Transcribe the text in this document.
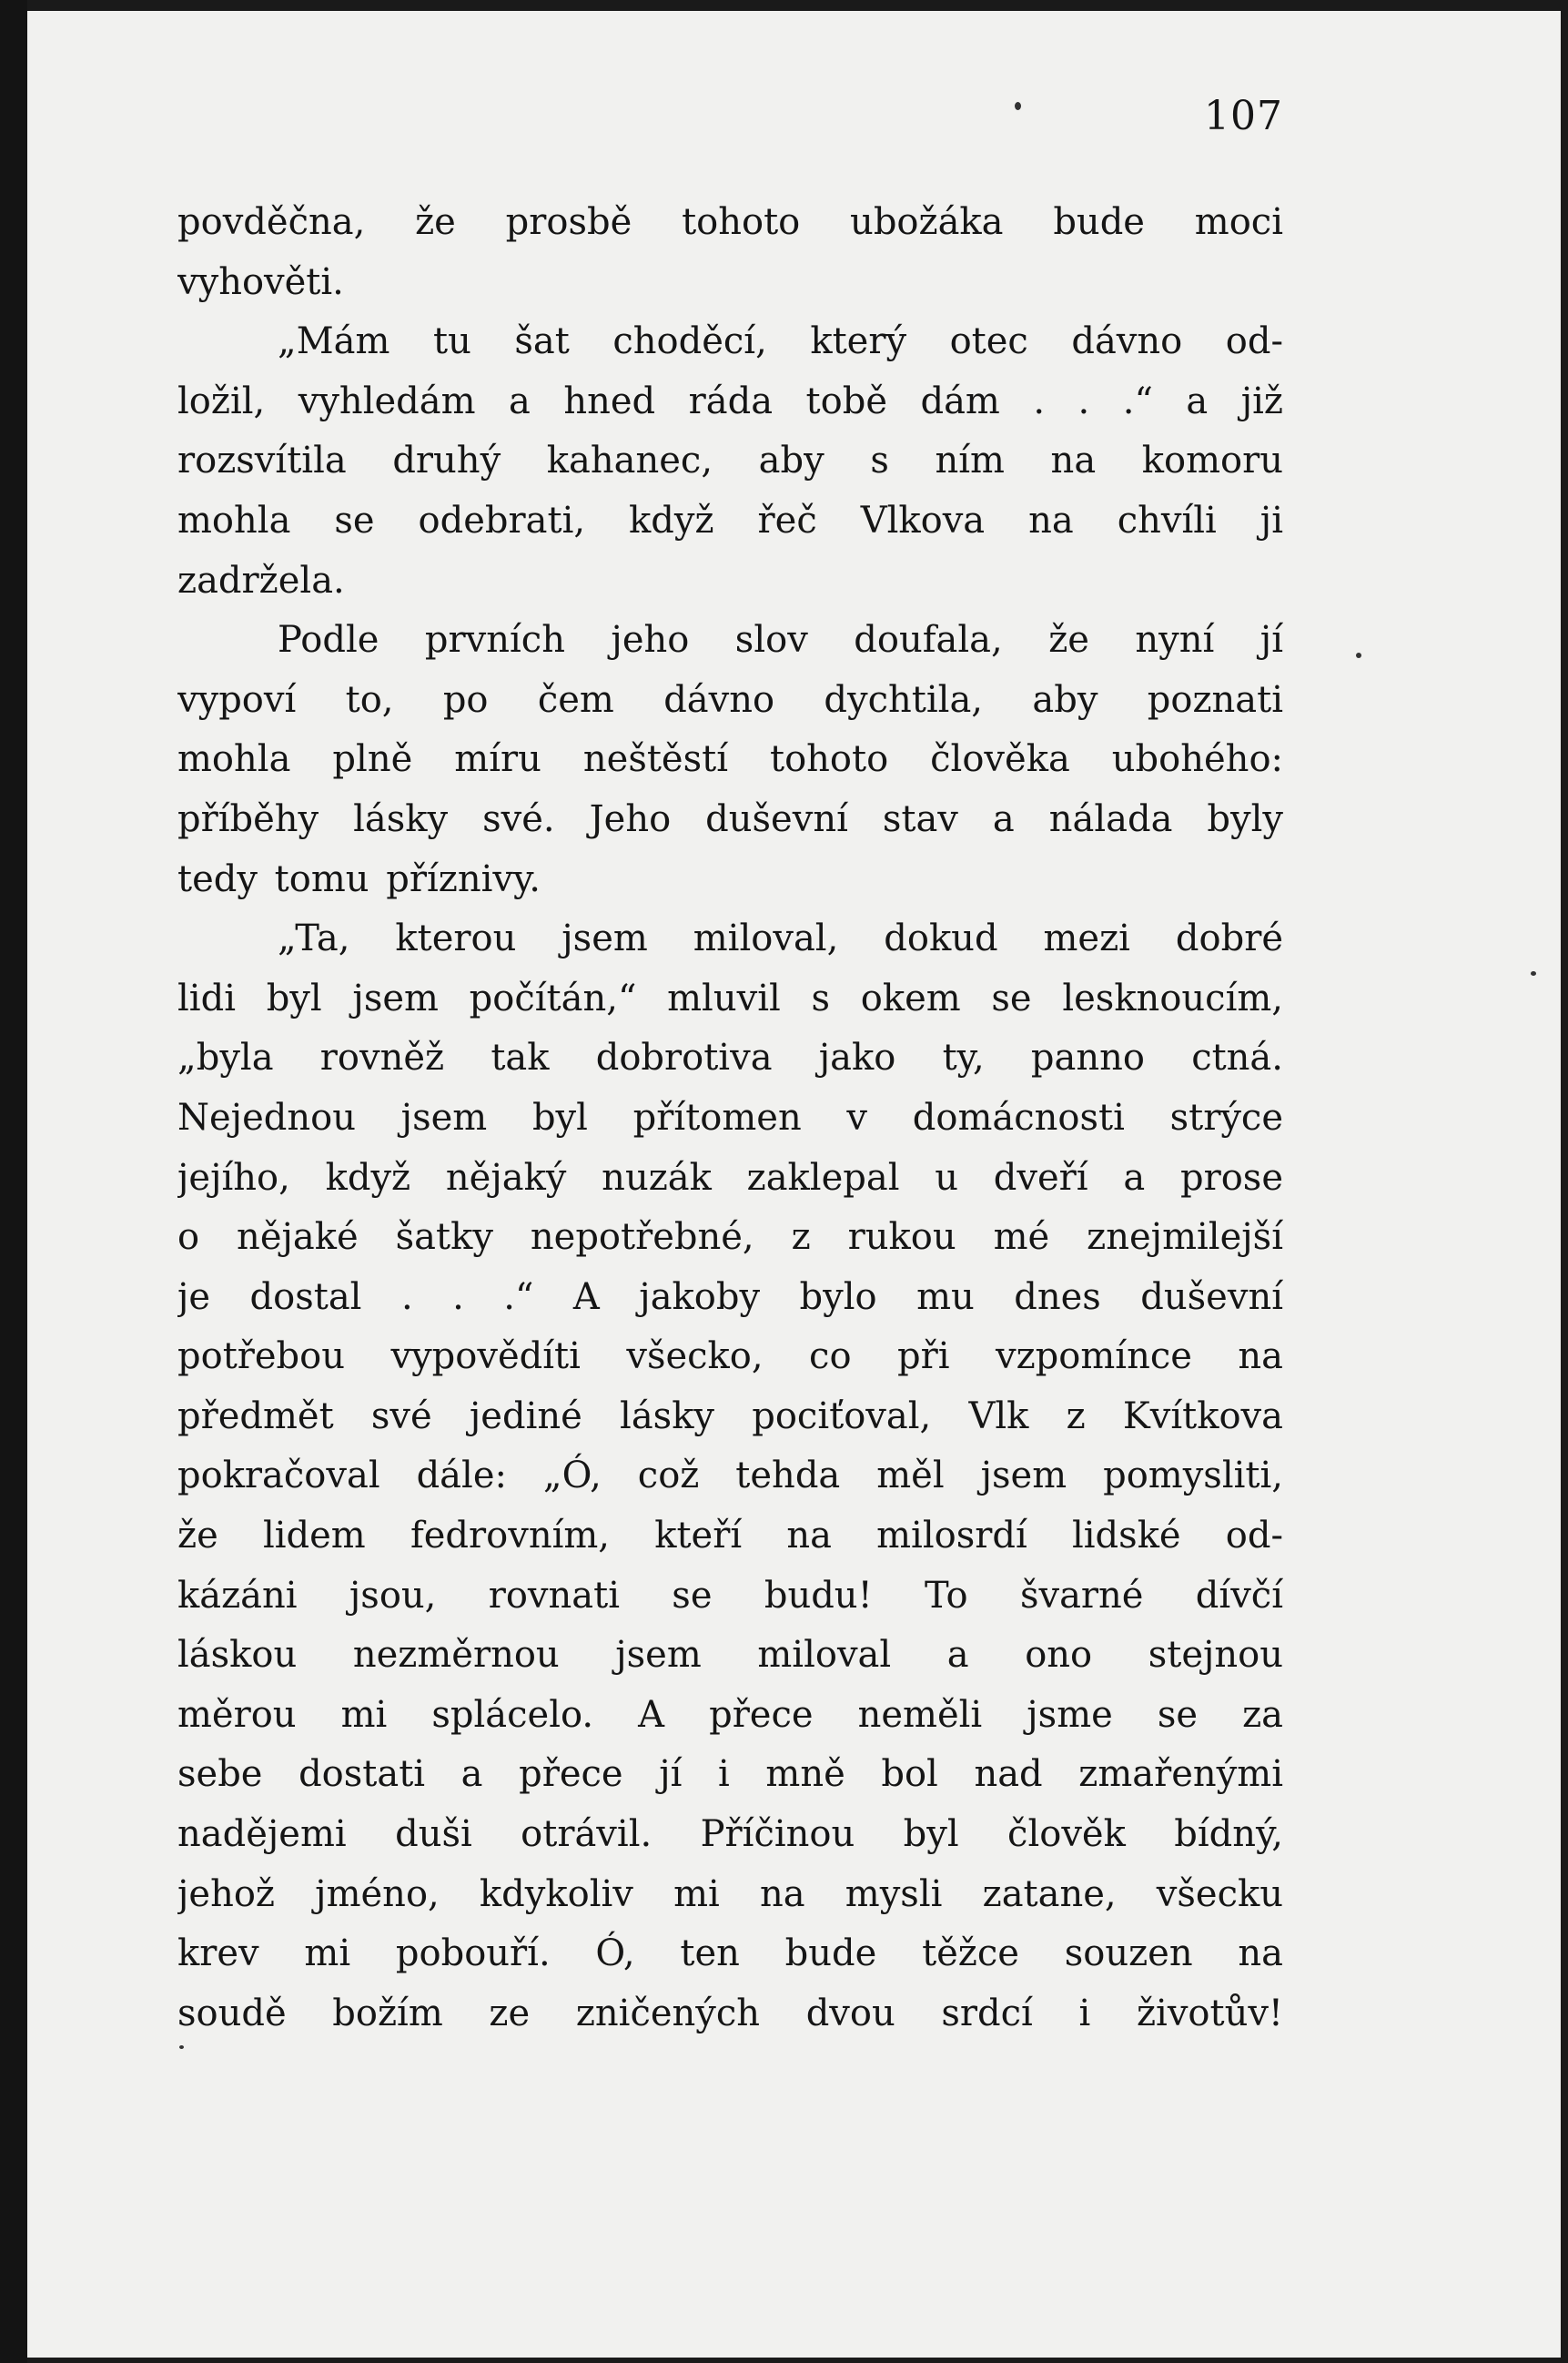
107
povděčna, že prosbě tohoto ubožáka bude moci
vyhověti.
„Mám tu šat choděcí, který otec dávno od-
ložil, vyhledám a hned ráda tobě dám . . .“ a již
rozsvítila druhý kahanec, aby s ním na komoru
mohla se odebrati, když řeč Vlkova na chvíli ji
zadržela.
Podle prvních jeho slov doufala, že nyní jí
vypoví to, po čem dávno dychtila, aby poznati
mohla plně míru neštěstí tohoto člověka ubohého:
příběhy lásky své. Jeho duševní stav a nálada byly
tedy tomu příznivy.
„Ta, kterou jsem miloval, dokud mezi dobré
lidi byl jsem počítán,“ mluvil s okem se lesknoucím,
„byla rovněž tak dobrotiva jako ty, panno ctná.
Nejednou jsem byl přítomen v domácnosti strýce
jejího, když nějaký nuzák zaklepal u dveří a prose
o nějaké šatky nepotřebné, z rukou mé znejmilejší
je dostal . . .“ A jakoby bylo mu dnes duševní
potřebou vypovědíti všecko, co při vzpomínce na
předmět své jediné lásky pociťoval, Vlk z Kvítkova
pokračoval dále: „Ó, což tehda měl jsem pomysliti,
že lidem fedrovním, kteří na milosrdí lidské od-
kázáni jsou, rovnati se budu! To švarné dívčí
láskou nezměrnou jsem miloval a ono stejnou
měrou mi splácelo. A přece neměli jsme se za
sebe dostati a přece jí i mně bol nad zmařenými
nadějemi duši otrávil. Příčinou byl člověk bídný,
jehož jméno, kdykoliv mi na mysli zatane, všecku
krev mi pobouří. Ó, ten bude těžce souzen na
soudě božím ze zničených dvou srdcí i životův!
